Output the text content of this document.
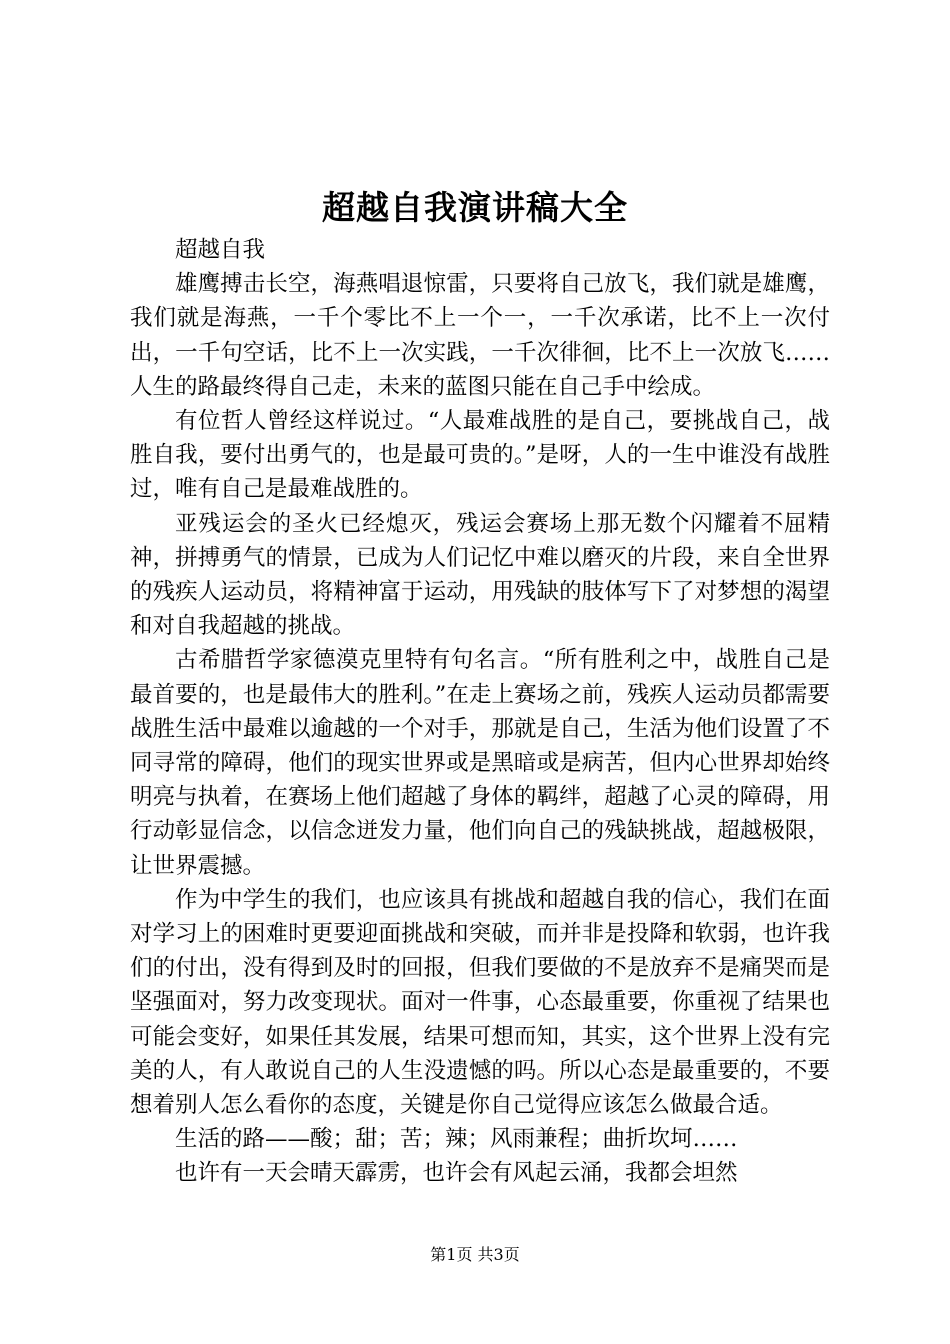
超越自我演讲稿大全

超越自我

雄鹰搏击长空，海燕唱退惊雷，只要将自己放飞，我们就是雄鹰，我们就是海燕，一千个零比不上一个一，一千次承诺，比不上一次付出，一千句空话，比不上一次实践，一千次徘徊，比不上一次放飞……人生的路最终得自己走，未来的蓝图只能在自己手中绘成。

有位哲人曾经这样说过。“人最难战胜的是自己，要挑战自己，战胜自我，要付出勇气的，也是最可贵的。”是呀，人的一生中谁没有战胜过，唯有自己是最难战胜的。

亚残运会的圣火已经熄灭，残运会赛场上那无数个闪耀着不屈精神，拼搏勇气的情景，已成为人们记忆中难以磨灭的片段，来自全世界的残疾人运动员，将精神富于运动，用残缺的肢体写下了对梦想的渴望和对自我超越的挑战。

古希腊哲学家德漠克里特有句名言。“所有胜利之中，战胜自己是最首要的，也是最伟大的胜利。”在走上赛场之前，残疾人运动员都需要战胜生活中最难以逾越的一个对手，那就是自己，生活为他们设置了不同寻常的障碍，他们的现实世界或是黑暗或是病苦，但内心世界却始终明亮与执着，在赛场上他们超越了身体的羁绊，超越了心灵的障碍，用行动彰显信念，以信念迸发力量，他们向自己的残缺挑战，超越极限，让世界震撼。

作为中学生的我们，也应该具有挑战和超越自我的信心，我们在面对学习上的困难时更要迎面挑战和突破，而并非是投降和软弱，也许我们的付出，没有得到及时的回报，但我们要做的不是放弃不是痛哭而是坚强面对，努力改变现状。面对一件事，心态最重要，你重视了结果也可能会变好，如果任其发展，结果可想而知，其实，这个世界上没有完美的人，有人敢说自己的人生没遗憾的吗。所以心态是最重要的，不要想着别人怎么看你的态度，关键是你自己觉得应该怎么做最合适。

生活的路——酸；甜；苦；辣；风雨兼程；曲折坎坷……

也许有一天会晴天霹雳，也许会有风起云涌，我都会坦然

第1页 共3页
